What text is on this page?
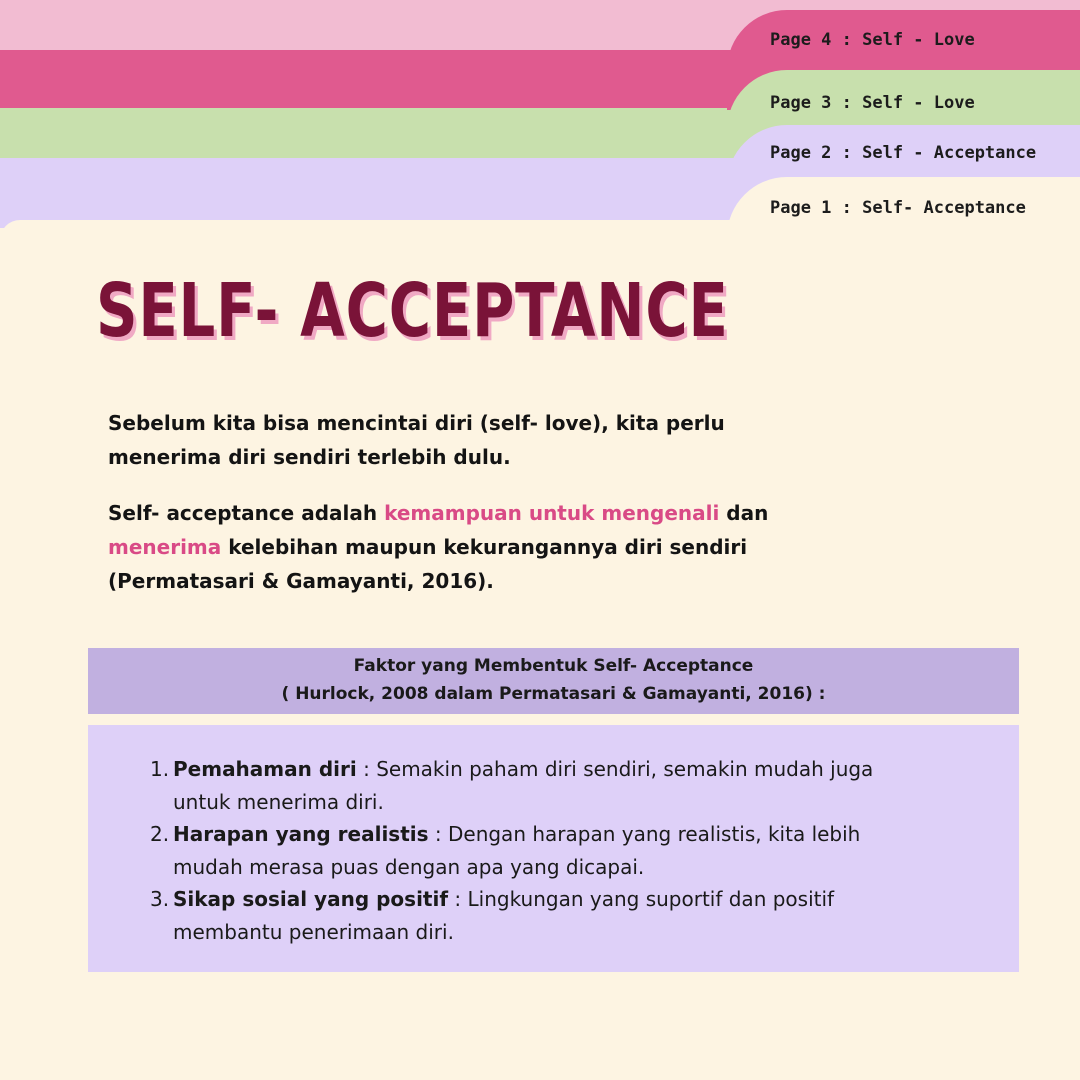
Page 4 : Self - Love
Page 3 : Self - Love
Page 2 : Self - Acceptance
Page 1 : Self- Acceptance
SELF- ACCEPTANCE

Sebelum kita bisa mencintai diri (self- love), kita perlu menerima diri sendiri terlebih dulu.

Self- acceptance adalah kemampuan untuk mengenali dan menerima kelebihan maupun kekurangannya diri sendiri (Permatasari & Gamayanti, 2016).

Faktor yang Membentuk Self- Acceptance
( Hurlock, 2008 dalam Permatasari & Gamayanti, 2016) :
1. Pemahaman diri : Semakin paham diri sendiri, semakin mudah juga untuk menerima diri.
2. Harapan yang realistis : Dengan harapan yang realistis, kita lebih mudah merasa puas dengan apa yang dicapai.
3. Sikap sosial yang positif : Lingkungan yang suportif dan positif membantu penerimaan diri.
